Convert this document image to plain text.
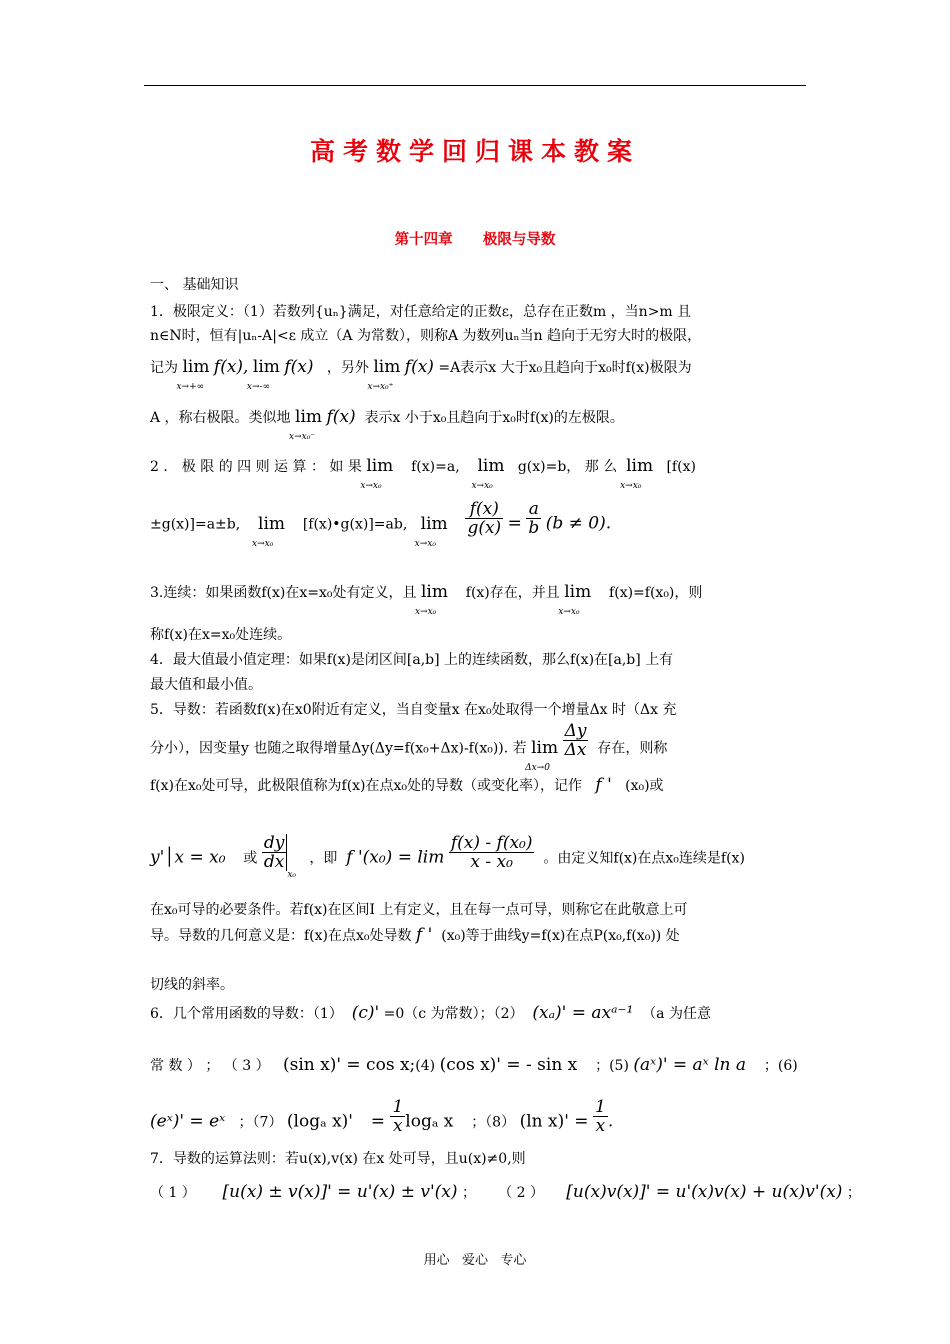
高考数学回归课本教案
第十四章      极限与导数
一、 基础知识
1．极限定义：（1）若数列{uₙ}满足，对任意给定的正数ε，总存在正数m ，当n>m 且
n∈N时，恒有|uₙ-A|<ε 成立（A 为常数），则称A 为数列uₙ当n 趋向于无穷大时的极限，
记为 lim
x→+∞
f(x), lim
x→-∞
f(x) ，另外 lim
x→x₀⁺
f(x) =A表示x 大于x₀且趋向于x₀时f(x)极限为
A ，称右极限。类似地 lim
x→x₀⁻
f(x) 表示x 小于x₀且趋向于x₀时f(x)的左极限。
2 ． 极 限 的 四 则 运 算 ： 如 果 lim
x→x₀
f(x)=a, lim
x→x₀
g(x)=b， 那 么 lim
x→x₀
[f(x)
±g(x)]=a±b, lim
x→x₀
[f(x)•g(x)]=ab, lim
x→x₀

$\frac{f(x)}{g(x)} = \frac{a}{b} (b \ne 0)$.
3.连续：如果函数f(x)在x=x₀处有定义，且 lim
x→x₀
f(x)存在，并且 lim
x→x₀
f(x)=f(x₀)，则
称f(x)在x=x₀处连续。
4．最大值最小值定理：如果f(x)是闭区间[a,b] 上的连续函数，那么f(x)在[a,b] 上有
最大值和最小值。
5．导数：若函数f(x)在x0附近有定义，当自变量x 在x₀处取得一个增量Δx 时（Δx 充
分小），因变量y 也随之取得增量Δy(Δy=f(x₀+Δx)-f(x₀)). 若 lim
Δx→0

$\frac{\Delta y}{\Delta x}$ 存在，则称
f(x)在x₀处可导，此极限值称为f(x)在点x₀处的导数（或变化率），记作 f ' (x₀)或
y'│x = x₀ 或 $\frac{dy}{dx}$
$_{x_0}$   ，即 f '$(x_0) = \lim \frac{\text{f(x) - f(x₀)}}{\text{x - x₀}}$ 。由定义知f(x)在点x₀连续是f(x)
在x₀可导的必要条件。若f(x)在区间I 上有定义，且在每一点可导，则称它在此敬意上可
导。导数的几何意义是：f(x)在点x₀处导数 f ' (x₀)等于曲线y=f(x)在点P(x₀,f(x₀)) 处
切线的斜率。
6．几个常用函数的导数：（1） (c)' =0（c 为常数）；（2） (xₐ)' = axᵃ⁻¹ （a 为任意
常 数 ） ； （ 3 ） (sin x)' = cos x;(4) (cos x)' = - sin x ；(5) (aˣ)' = aˣ ln a ；(6)
(eˣ)' = eˣ ；（7） (logₐ $x)' = \frac{1}{x}$ logₐ x ；（8） (ln $x)' = \frac{1}{x}$ .
7．导数的运算法则：若u(x),v(x) 在x 处可导，且u(x)≠0,则
（ 1 ） [u(x) ± v(x)]' = u'(x) ± v'(x) ； （ 2 ） [u(x)v(x)]' = u'(x)v(x) + u(x)v'(x) ；
用心   爱心   专心
